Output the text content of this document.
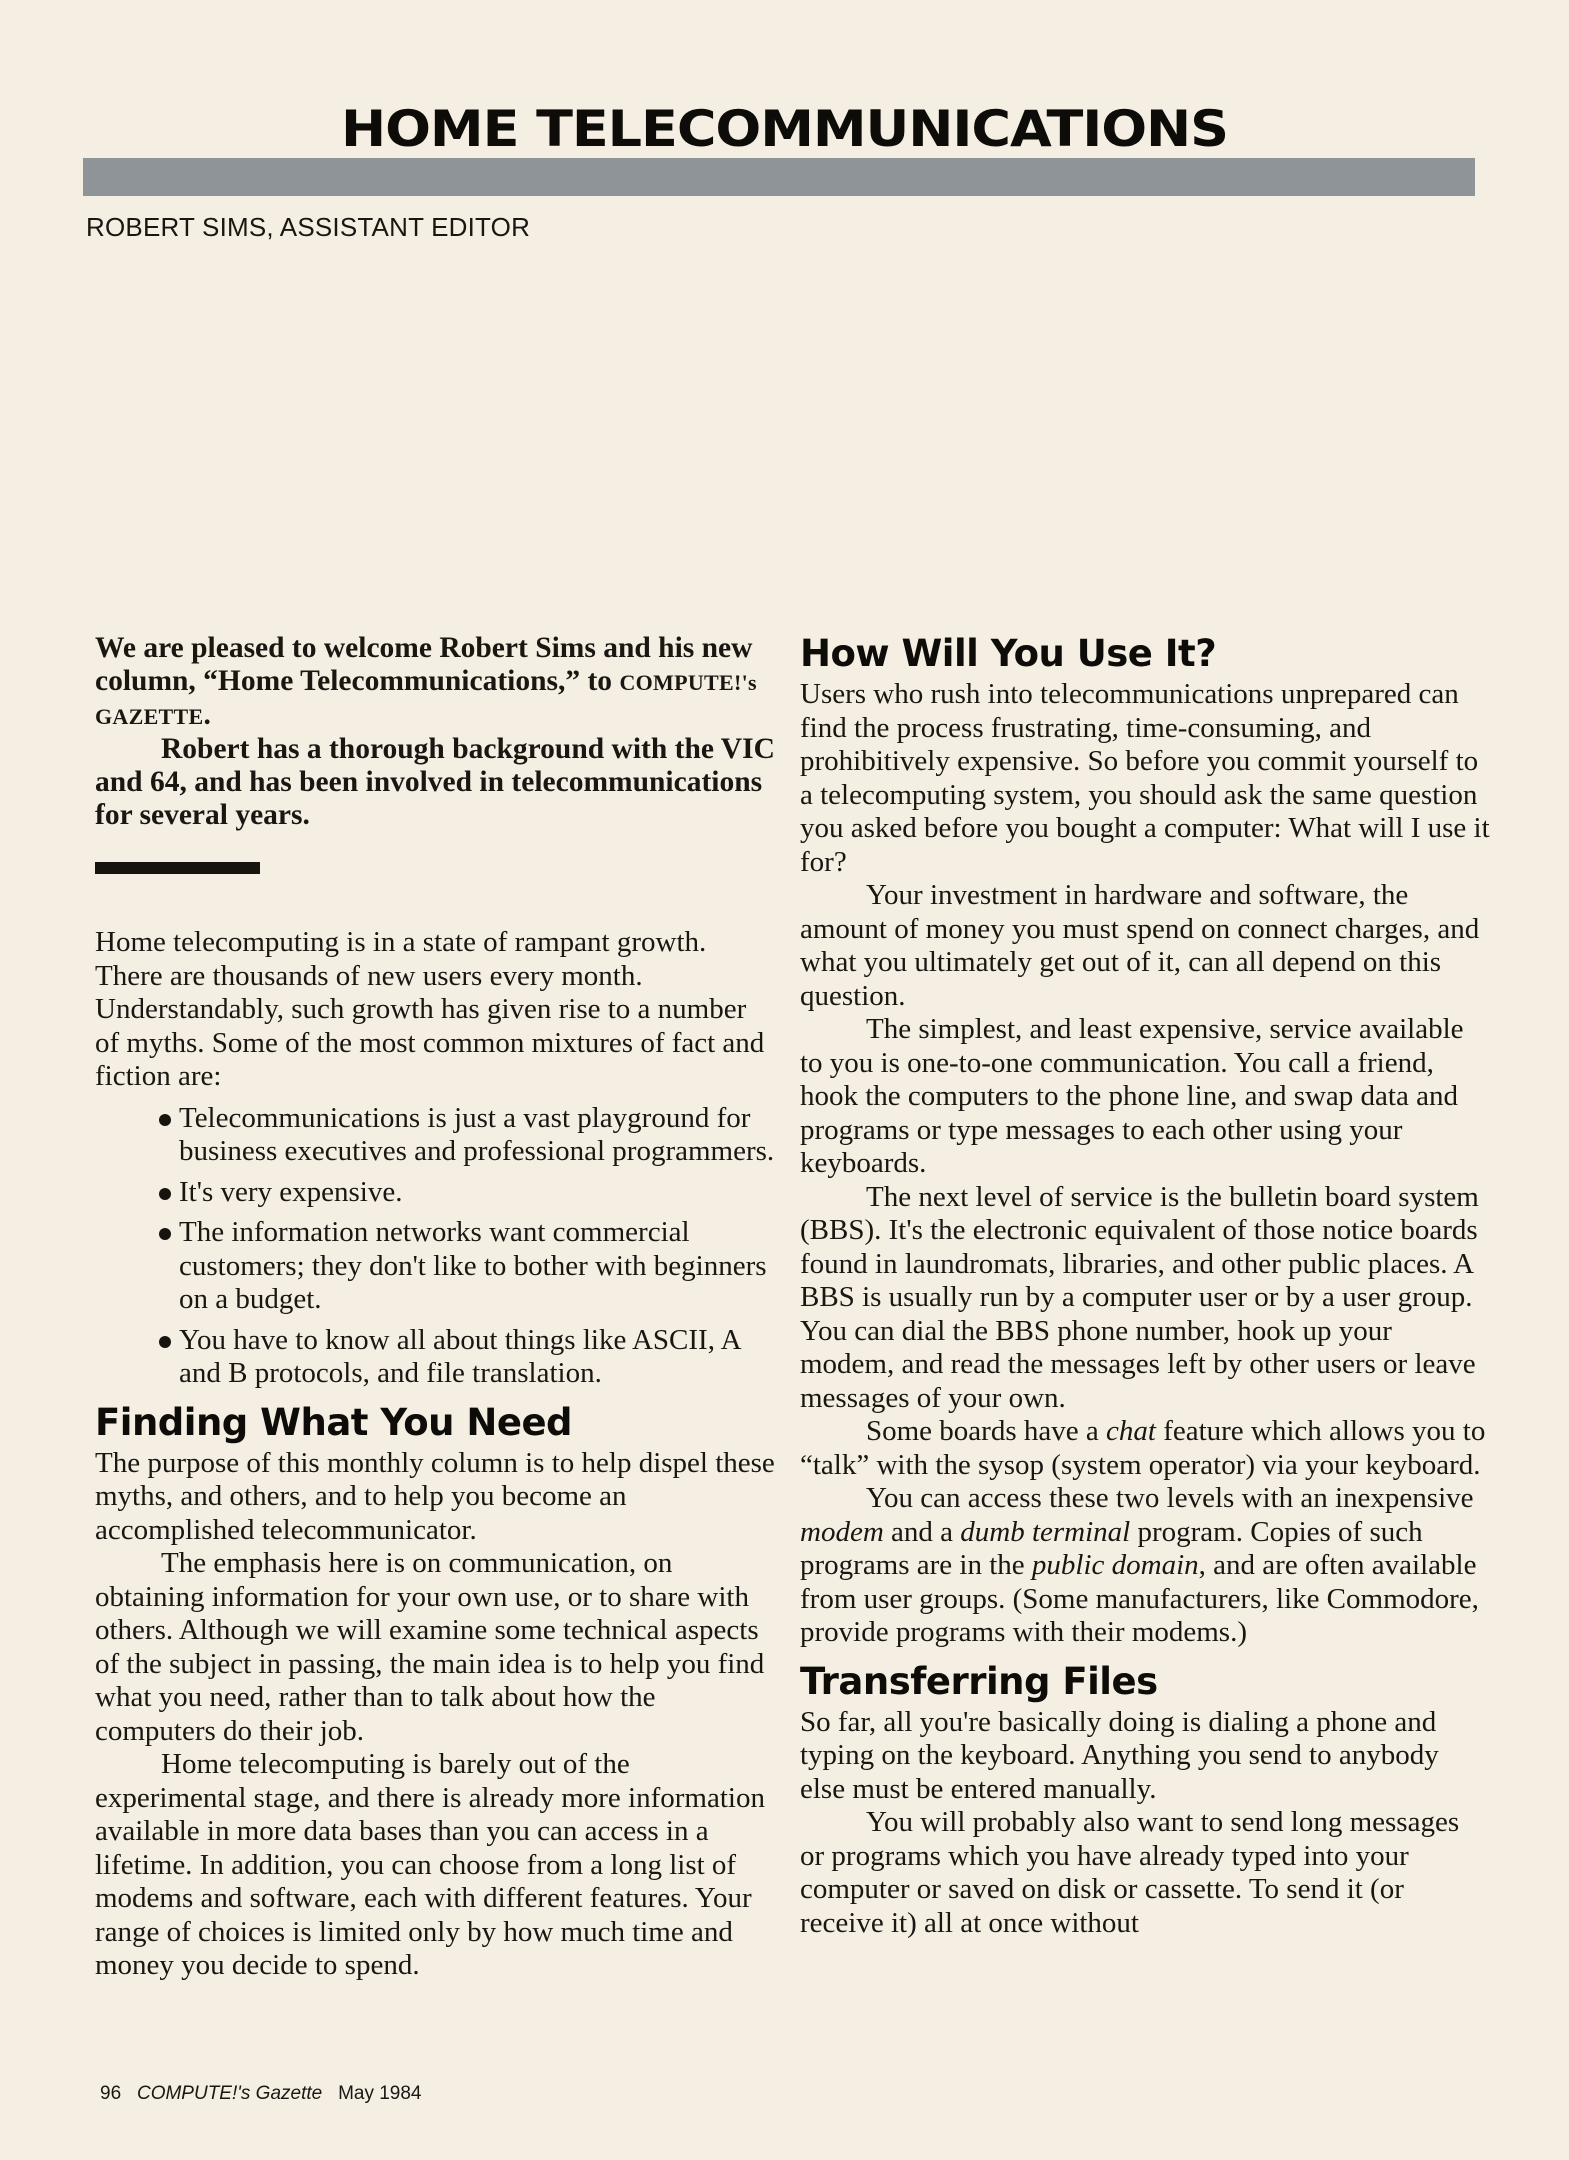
HOME TELECOMMUNICATIONS
ROBERT SIMS, ASSISTANT EDITOR

We are pleased to welcome Robert Sims and his new column, “Home Telecommunications,” to COMPUTE!'s GAZETTE.

Robert has a thorough background with the VIC and 64, and has been involved in telecommunications for several years.

Home telecomputing is in a state of rampant growth. There are thousands of new users every month. Understandably, such growth has given rise to a number of myths. Some of the most common mixtures of fact and fiction are:

Telecommunications is just a vast playground for business executives and professional programmers.
It's very expensive.
The information networks want commercial customers; they don't like to bother with beginners on a budget.
You have to know all about things like ASCII, A and B protocols, and file translation.
Finding What You Need

The purpose of this monthly column is to help dispel these myths, and others, and to help you become an accomplished telecommunicator.

The emphasis here is on communication, on obtaining information for your own use, or to share with others. Although we will examine some technical aspects of the subject in passing, the main idea is to help you find what you need, rather than to talk about how the computers do their job.

Home telecomputing is barely out of the experimental stage, and there is already more information available in more data bases than you can access in a lifetime. In addition, you can choose from a long list of modems and software, each with different features. Your range of choices is limited only by how much time and money you decide to spend.

How Will You Use It?

Users who rush into telecommunications unprepared can find the process frustrating, time-consuming, and prohibitively expensive. So before you commit yourself to a telecomputing system, you should ask the same question you asked before you bought a computer: What will I use it for?

Your investment in hardware and software, the amount of money you must spend on connect charges, and what you ultimately get out of it, can all depend on this question.

The simplest, and least expensive, service available to you is one-to-one communication. You call a friend, hook the computers to the phone line, and swap data and programs or type messages to each other using your keyboards.

The next level of service is the bulletin board system (BBS). It's the electronic equivalent of those notice boards found in laundromats, libraries, and other public places. A BBS is usually run by a computer user or by a user group. You can dial the BBS phone number, hook up your modem, and read the messages left by other users or leave messages of your own.

Some boards have a chat feature which allows you to “talk” with the sysop (system operator) via your keyboard.

You can access these two levels with an inexpensive modem and a dumb terminal program. Copies of such programs are in the public domain, and are often available from user groups. (Some manufacturers, like Commodore, provide programs with their modems.)

Transferring Files

So far, all you're basically doing is dialing a phone and typing on the keyboard. Anything you send to anybody else must be entered manually.

You will probably also want to send long messages or programs which you have already typed into your computer or saved on disk or cassette. To send it (or receive it) all at once without

96 COMPUTE!'s Gazette May 1984
